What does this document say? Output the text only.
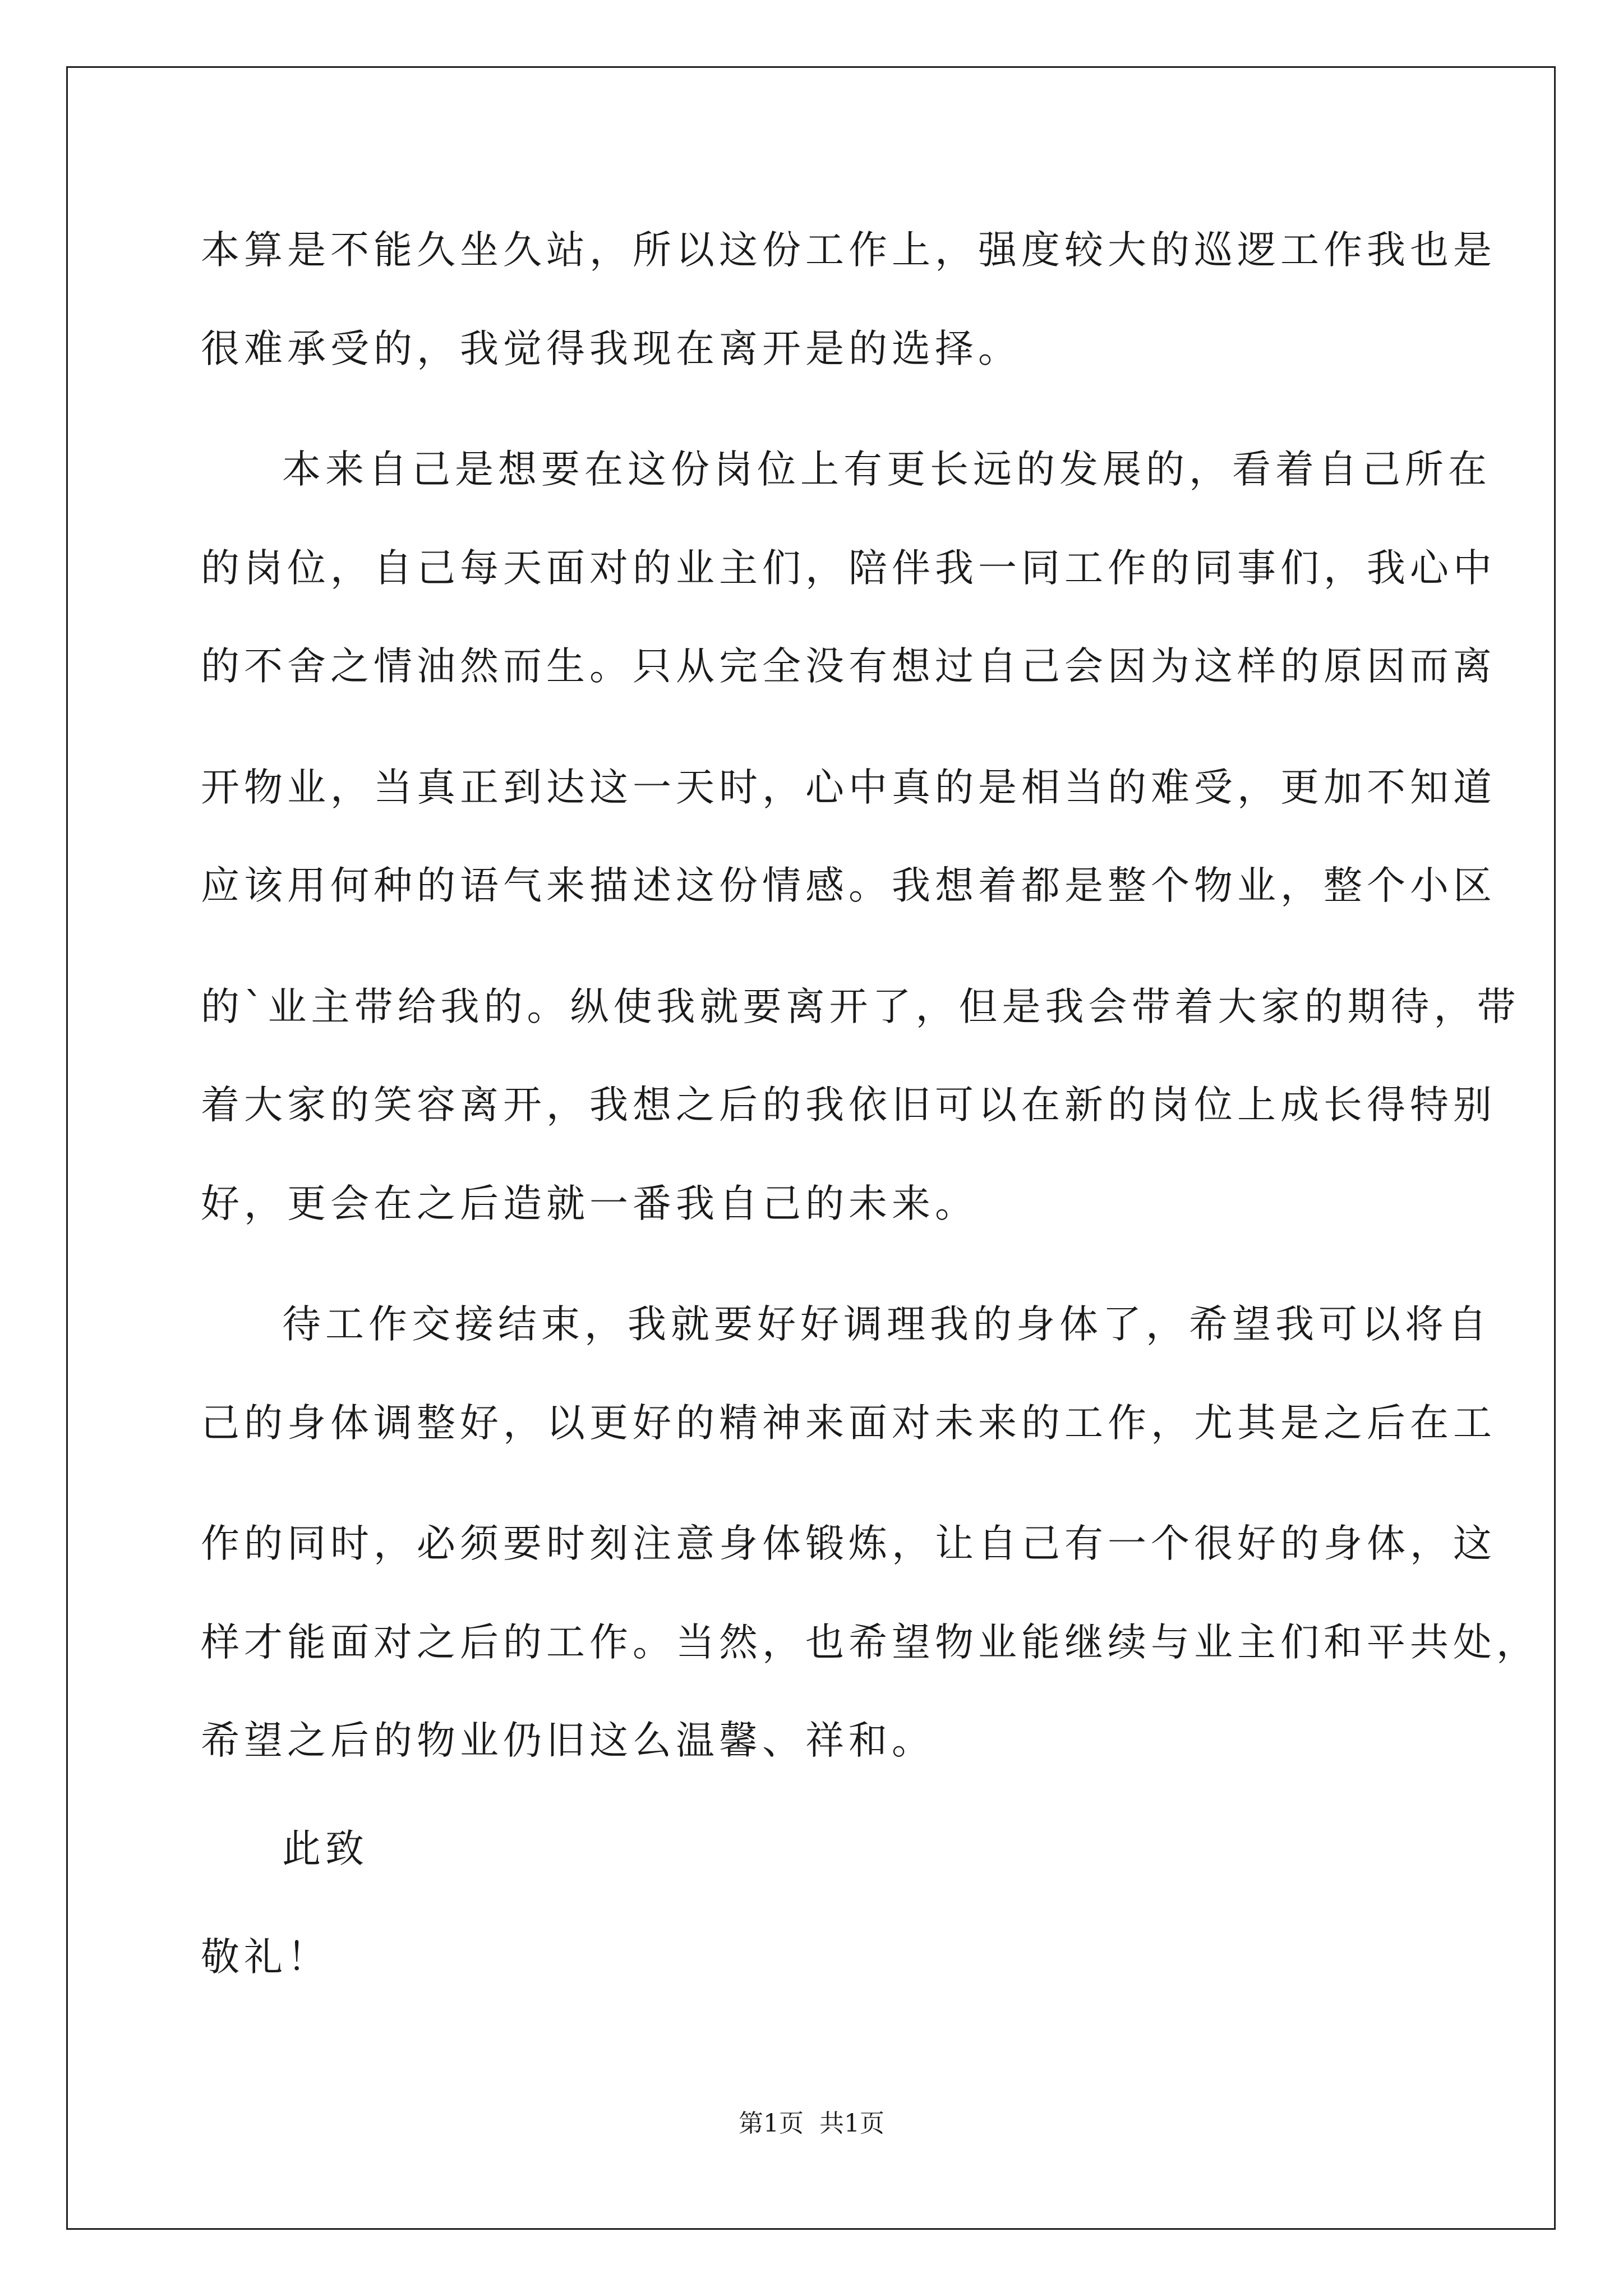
本算是不能久坐久站，所以这份工作上，强度较大的巡逻工作我也是
很难承受的，我觉得我现在离开是的选择。
本来自己是想要在这份岗位上有更长远的发展的，看着自己所在
的岗位，自己每天面对的业主们，陪伴我一同工作的同事们，我心中
的不舍之情油然而生。只从完全没有想过自己会因为这样的原因而离
开物业，当真正到达这一天时，心中真的是相当的难受，更加不知道
应该用何种的语气来描述这份情感。我想着都是整个物业，整个小区
的`业主带给我的。纵使我就要离开了，但是我会带着大家的期待，带
着大家的笑容离开，我想之后的我依旧可以在新的岗位上成长得特别
好，更会在之后造就一番我自己的未来。
待工作交接结束，我就要好好调理我的身体了，希望我可以将自
己的身体调整好，以更好的精神来面对未来的工作，尤其是之后在工
作的同时，必须要时刻注意身体锻炼，让自己有一个很好的身体，这
样才能面对之后的工作。当然，也希望物业能继续与业主们和平共处，
希望之后的物业仍旧这么温馨、祥和。
此致
敬礼！
第1页  共1页
